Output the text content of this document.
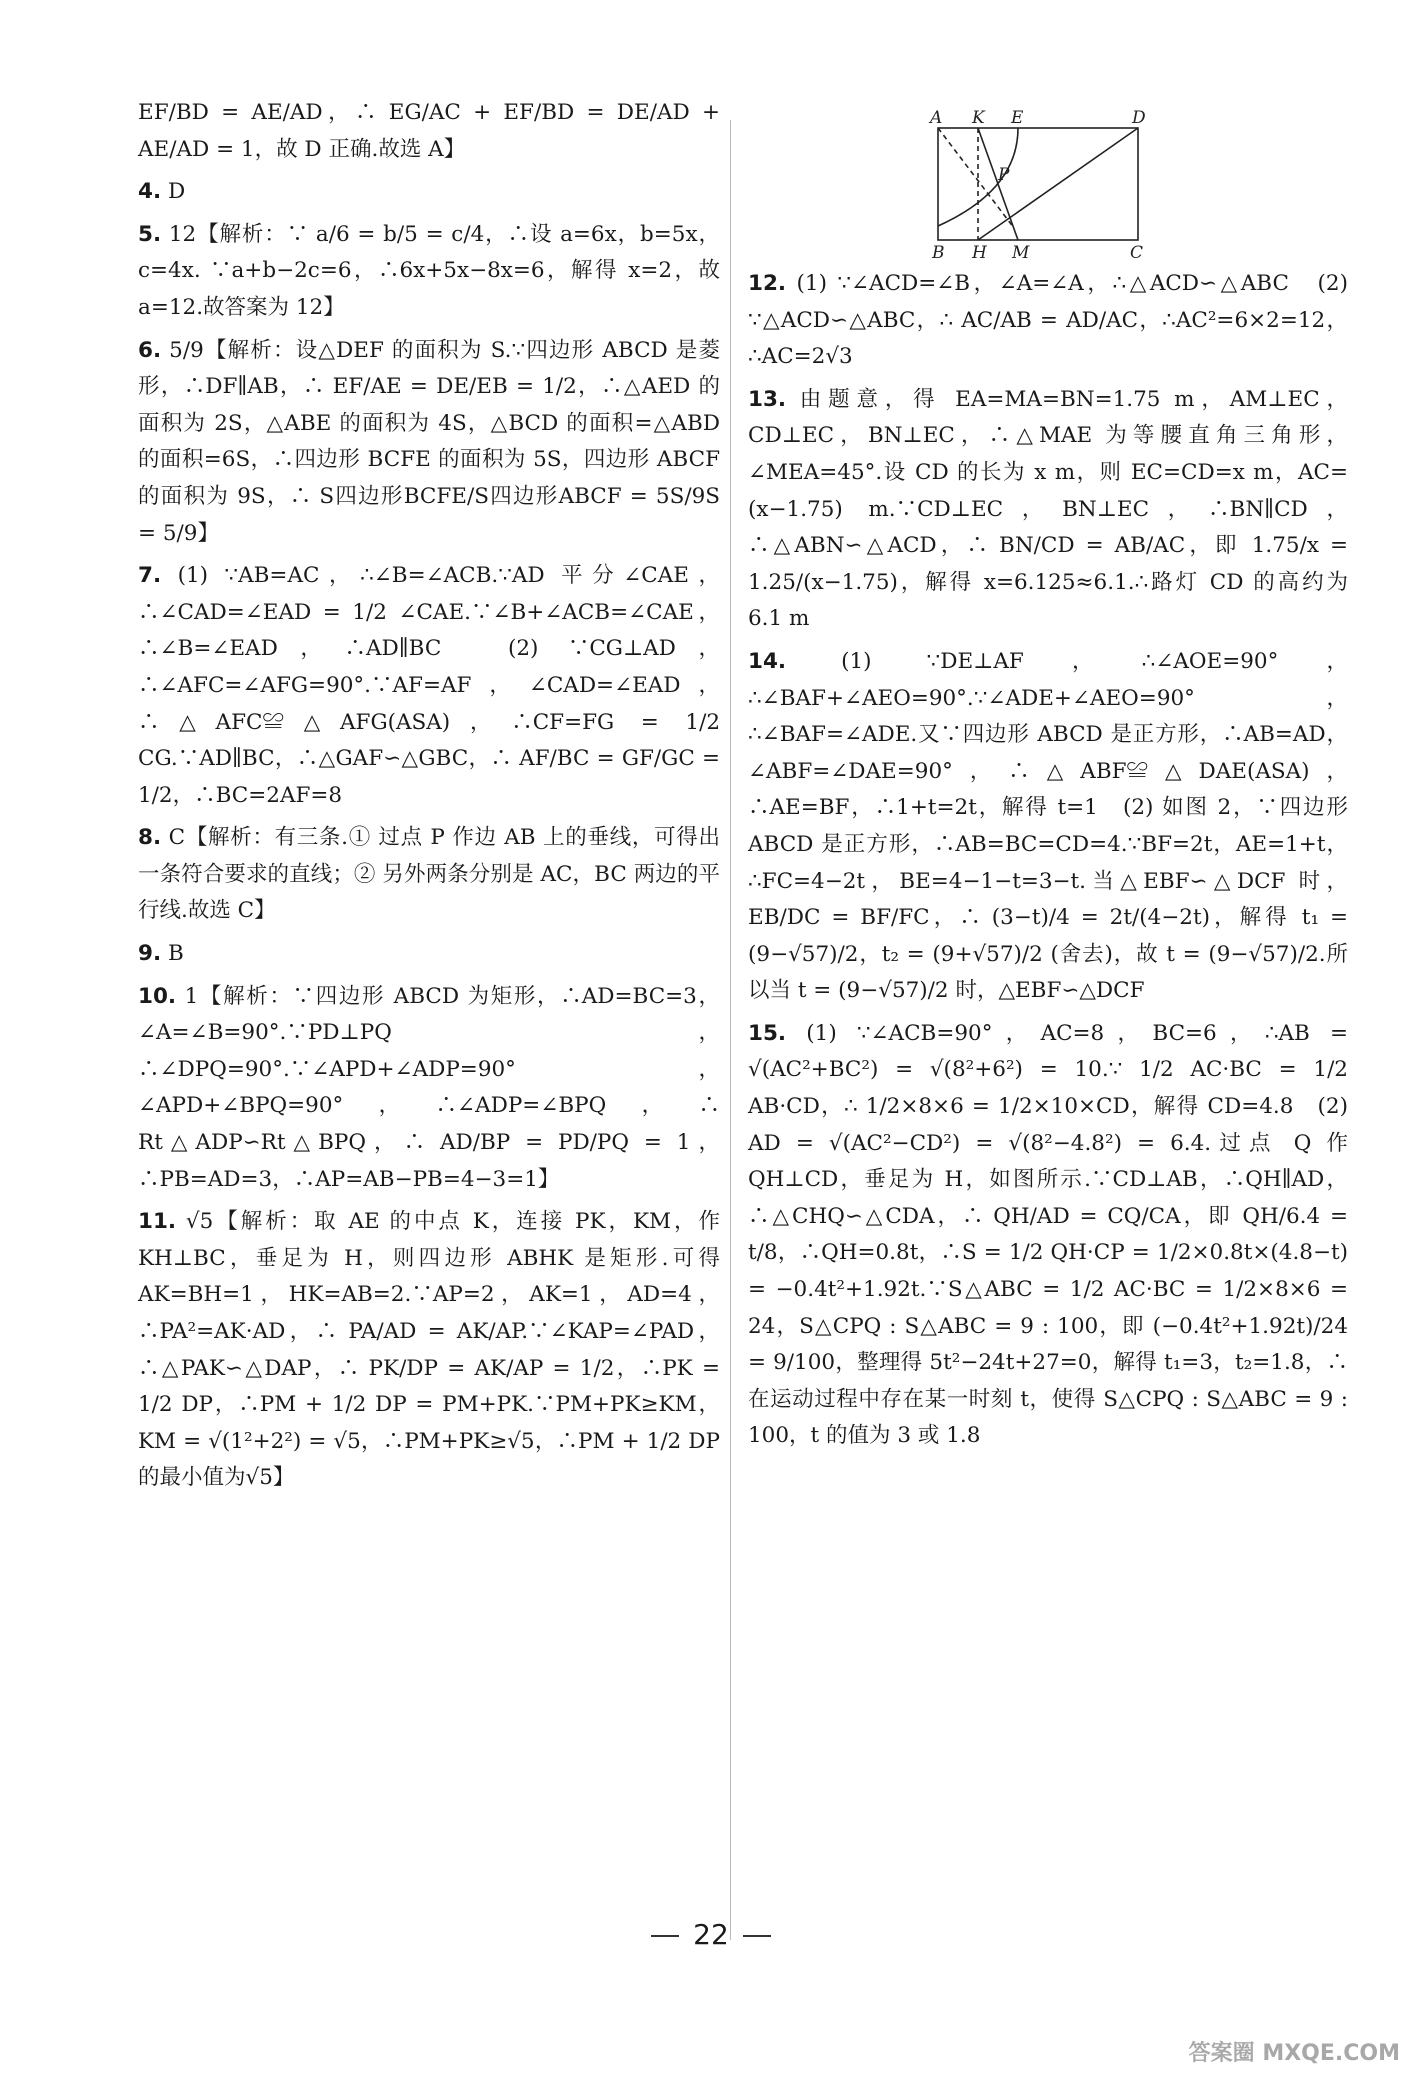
EF/BD = AE/AD，∴ EG/AC + EF/BD = DE/AD + AE/AD = 1，故 D 正确.故选 A】

4. D

5. 12【解析：∵ a/6 = b/5 = c/4，∴设 a=6x，b=5x，c=4x. ∵a+b−2c=6，∴6x+5x−8x=6，解得 x=2，故 a=12.故答案为 12】

6. 5/9【解析：设△DEF 的面积为 S.∵四边形 ABCD 是菱形，∴DF∥AB，∴ EF/AE = DE/EB = 1/2，∴△AED 的面积为 2S，△ABE 的面积为 4S，△BCD 的面积=△ABD 的面积=6S，∴四边形 BCFE 的面积为 5S，四边形 ABCF 的面积为 9S，∴ S四边形BCFE/S四边形ABCF = 5S/9S = 5/9】

7. (1) ∵AB=AC，∴∠B=∠ACB.∵AD 平分∠CAE，∴∠CAD=∠EAD = 1/2 ∠CAE.∵∠B+∠ACB=∠CAE，∴∠B=∠EAD，∴AD∥BC　(2) ∵CG⊥AD，∴∠AFC=∠AFG=90°.∵AF=AF，∠CAD=∠EAD，∴△AFC≌△AFG(ASA)，∴CF=FG = 1/2 CG.∵AD∥BC，∴△GAF∽△GBC，∴ AF/BC = GF/GC = 1/2，∴BC=2AF=8

8. C【解析：有三条.① 过点 P 作边 AB 上的垂线，可得出一条符合要求的直线；② 另外两条分别是 AC，BC 两边的平行线.故选 C】

9. B

10. 1【解析：∵四边形 ABCD 为矩形，∴AD=BC=3，∠A=∠B=90°.∵PD⊥PQ，∴∠DPQ=90°.∵∠APD+∠ADP=90°，∠APD+∠BPQ=90°，∴∠ADP=∠BPQ，∴ Rt△ADP∽Rt△BPQ，∴ AD/BP = PD/PQ = 1，∴PB=AD=3，∴AP=AB−PB=4−3=1】

11. √5【解析：取 AE 的中点 K，连接 PK，KM，作 KH⊥BC，垂足为 H，则四边形 ABHK 是矩形.可得 AK=BH=1，HK=AB=2.∵AP=2，AK=1，AD=4，∴PA²=AK·AD，∴ PA/AD = AK/AP.∵∠KAP=∠PAD，∴△PAK∽△DAP，∴ PK/DP = AK/AP = 1/2，∴PK = 1/2 DP，∴PM + 1/2 DP = PM+PK.∵PM+PK≥KM，KM = √(1²+2²) = √5，∴PM+PK≥√5，∴PM + 1/2 DP 的最小值为√5】

A K E	D
P
B H M	C

12. (1) ∵∠ACD=∠B，∠A=∠A，∴△ACD∽△ABC　(2) ∵△ACD∽△ABC，∴ AC/AB = AD/AC，∴AC²=6×2=12，∴AC=2√3

13. 由题意，得 EA=MA=BN=1.75 m，AM⊥EC，CD⊥EC，BN⊥EC，∴△MAE 为等腰直角三角形，∠MEA=45°.设 CD 的长为 x m，则 EC=CD=x m，AC=(x−1.75) m.∵CD⊥EC，BN⊥EC，∴BN∥CD，∴△ABN∽△ACD，∴ BN/CD = AB/AC，即 1.75/x = 1.25/(x−1.75)，解得 x=6.125≈6.1.∴路灯 CD 的高约为 6.1 m

14.	(1) ∵DE⊥AF，∴∠AOE=90°，∴∠BAF+∠AEO=90°.∵∠ADE+∠AEO=90°，∴∠BAF=∠ADE.又∵四边形 ABCD 是正方形，∴AB=AD，∠ABF=∠DAE=90°，∴△ABF≌△DAE(ASA)，∴AE=BF，∴1+t=2t，解得 t=1　(2) 如图 2，∵四边形 ABCD 是正方形，∴AB=BC=CD=4.∵BF=2t，AE=1+t，∴FC=4−2t，BE=4−1−t=3−t.当△EBF∽△DCF 时，EB/DC = BF/FC，∴ (3−t)/4 = 2t/(4−2t)，解得 t₁ = (9−√57)/2，t₂ = (9+√57)/2 (舍去)，故 t = (9−√57)/2.所以当 t = (9−√57)/2 时，△EBF∽△DCF

15. (1) ∵∠ACB=90°，AC=8，BC=6，∴AB = √(AC²+BC²) = √(8²+6²) = 10.∵ 1/2 AC·BC = 1/2 AB·CD，∴ 1/2×8×6 = 1/2×10×CD，解得 CD=4.8　(2) AD = √(AC²−CD²) = √(8²−4.8²) = 6.4.过点 Q 作 QH⊥CD，垂足为 H，如图所示.∵CD⊥AB，∴QH∥AD，∴△CHQ∽△CDA，∴ QH/AD = CQ/CA，即 QH/6.4 = t/8，∴QH=0.8t，∴S = 1/2 QH·CP = 1/2×0.8t×(4.8−t) = −0.4t²+1.92t.∵S△ABC = 1/2 AC·BC = 1/2×8×6 = 24，S△CPQ : S△ABC = 9 : 100，即 (−0.4t²+1.92t)/24 = 9/100，整理得 5t²−24t+27=0，解得 t₁=3，t₂=1.8，∴在运动过程中存在某一时刻 t，使得 S△CPQ : S△ABC = 9 : 100，t 的值为 3 或 1.8

22
答案圈 MXQE.COM
